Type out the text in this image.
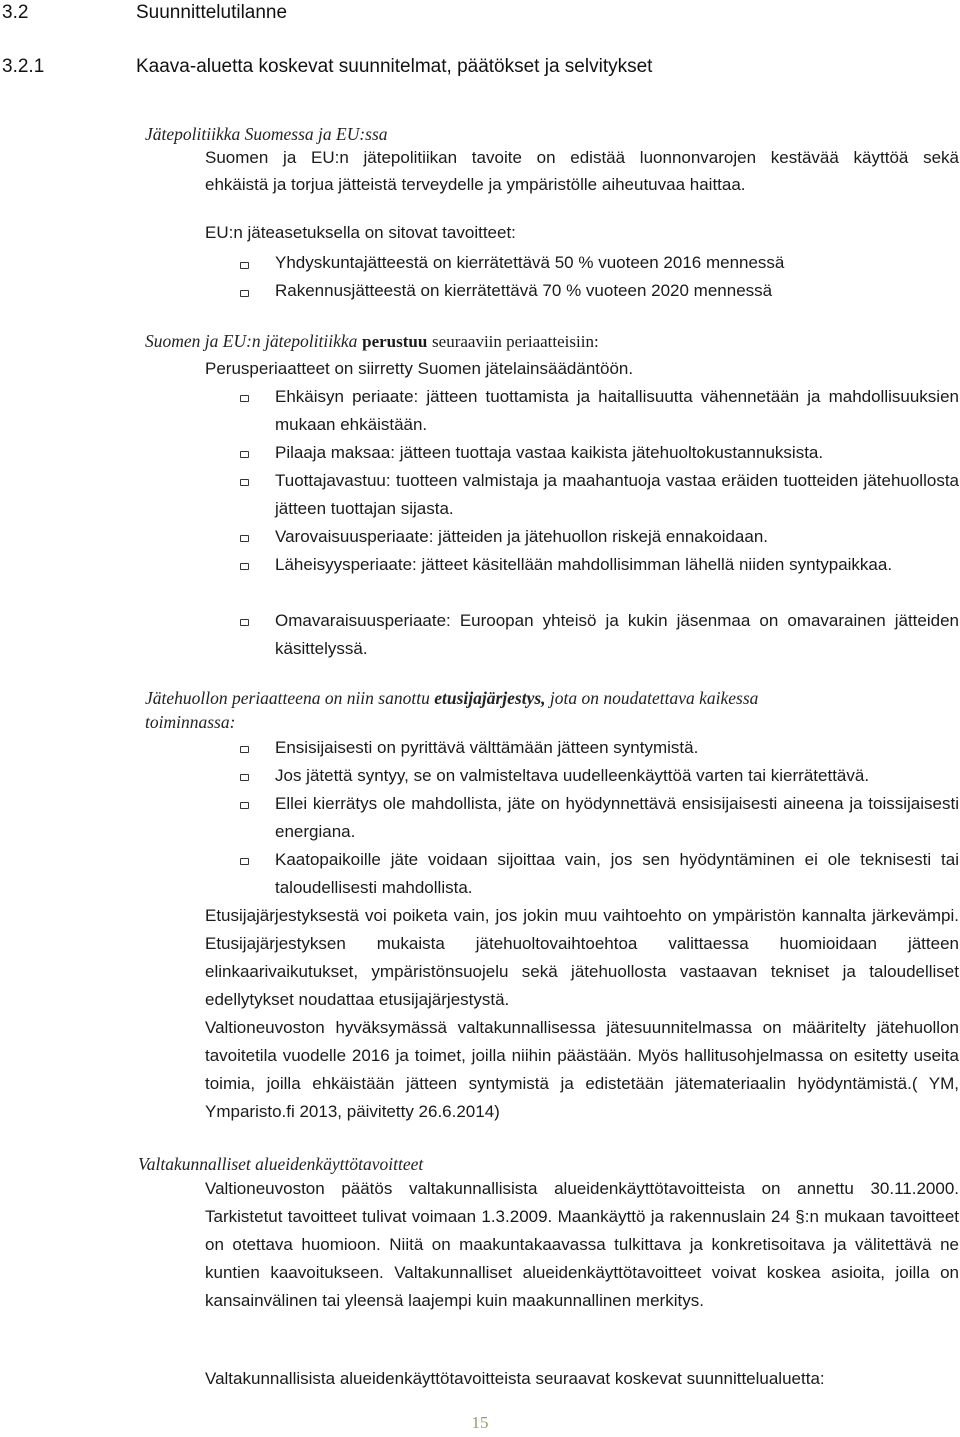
3.2	Suunnittelutilanne
3.2.1	Kaava-aluetta koskevat suunnitelmat, päätökset ja selvitykset
Jätepolitiikka Suomessa ja EU:ssa
Suomen ja EU:n jätepolitiikan tavoite on edistää luonnonvarojen kestävää käyttöä sekä
ehkäistä ja torjua jätteistä terveydelle ja ympäristölle aiheutuvaa haittaa.
EU:n jäteasetuksella on sitovat tavoitteet:
Yhdyskuntajätteestä on kierrätettävä 50 % vuoteen 2016 mennessä
Rakennusjätteestä on kierrätettävä 70 % vuoteen 2020 mennessä
Suomen ja EU:n jätepolitiikka perustuu seuraaviin periaatteisiin:
Perusperiaatteet on siirretty Suomen jätelainsäädäntöön.
Ehkäisyn periaate: jätteen tuottamista ja haitallisuutta vähennetään ja mahdollisuuksien mukaan ehkäistään.
Pilaaja maksaa: jätteen tuottaja vastaa kaikista jätehuoltokustannuksista.
Tuottajavastuu: tuotteen valmistaja ja maahantuoja vastaa eräiden tuotteiden jätehuollosta jätteen tuottajan sijasta.
Varovaisuusperiaate: jätteiden ja jätehuollon riskejä ennakoidaan.
Läheisyysperiaate: jätteet käsitellään mahdollisimman lähellä niiden syntypaikkaa.
Omavaraisuusperiaate: Euroopan yhteisö ja kukin jäsenmaa on omavarainen jätteiden käsittelyssä.
Jätehuollon periaatteena on niin sanottu etusijajärjestys, jota on noudatettava kaikessa
toiminnassa:
Ensisijaisesti on pyrittävä välttämään jätteen syntymistä.
Jos jätettä syntyy, se on valmisteltava uudelleenkäyttöä varten tai kierrätettävä.
Ellei kierrätys ole mahdollista, jäte on hyödynnettävä ensisijaisesti aineena ja toissijaisesti energiana.
Kaatopaikoille jäte voidaan sijoittaa vain, jos sen hyödyntäminen ei ole teknisesti tai taloudellisesti mahdollista.
Etusijajärjestyksestä voi poiketa vain, jos jokin muu vaihtoehto on ympäristön kannalta järkevämpi. Etusijajärjestyksen mukaista jätehuoltovaihtoehtoa valittaessa huomioidaan jätteen elinkaarivaikutukset, ympäristönsuojelu sekä jätehuollosta vastaavan tekniset ja taloudelliset edellytykset noudattaa etusijajärjestystä.
Valtioneuvoston hyväksymässä valtakunnallisessa jätesuunnitelmassa on määritelty jätehuollon tavoitetila vuodelle 2016 ja toimet, joilla niihin päästään. Myös hallitusohjelmassa on esitetty useita toimia, joilla ehkäistään jätteen syntymistä ja edistetään jätemateriaalin hyödyntämistä.( YM, Ymparisto.fi 2013, päivitetty 26.6.2014)
Valtakunnalliset alueidenkäyttötavoitteet
Valtioneuvoston päätös valtakunnallisista alueidenkäyttötavoitteista on annettu 30.11.2000. Tarkistetut tavoitteet tulivat voimaan 1.3.2009. Maankäyttö ja rakennuslain 24 §:n mukaan tavoitteet on otettava huomioon. Niitä on maakuntakaavassa tulkittava ja konkretisoitava ja välitettävä ne kuntien kaavoitukseen. Valtakunnalliset alueidenkäyttötavoitteet voivat koskea asioita, joilla on kansainvälinen tai yleensä laajempi kuin maakunnallinen merkitys.
Valtakunnallisista alueidenkäyttötavoitteista seuraavat koskevat suunnittelualuetta:
15
